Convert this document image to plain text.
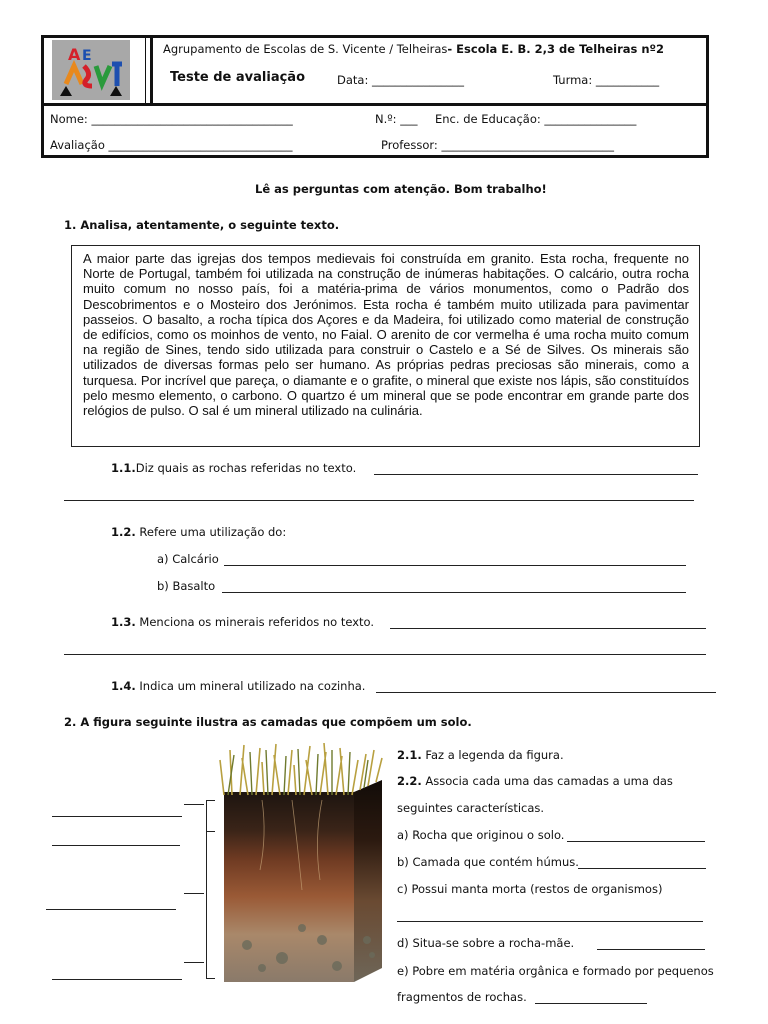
A E	Agrupamento de Escolas de S. Vicente / Telheiras- Escola E. B. 2,3 de Telheiras nº2
Teste de avaliação	Data: ________________	Turma: ___________
Nome: ___________________________________	N.º: ___ Enc. de Educação: ________________
Avaliação ________________________________	Professor: ______________________________
Lê as perguntas com atenção. Bom trabalho!
1. Analisa, atentamente, o seguinte texto.
A maior parte das igrejas dos tempos medievais foi construída em granito. Esta rocha, frequente no Norte de Portugal, também foi utilizada na construção de inúmeras habitações. O calcário, outra rocha muito comum no nosso país, foi a matéria-prima de vários monumentos, como o Padrão dos Descobrimentos e o Mosteiro dos Jerónimos. Esta rocha é também muito utilizada para pavimentar passeios. O basalto, a rocha típica dos Açores e da Madeira, foi utilizado como material de construção de edifícios, como os moinhos de vento, no Faial. O arenito de cor vermelha é uma rocha muito comum na região de Sines, tendo sido utilizada para construir o Castelo e a Sé de Silves. Os minerais são utilizados de diversas formas pelo ser humano. As próprias pedras preciosas são minerais, como a turquesa. Por incrível que pareça, o diamante e o grafite, o mineral que existe nos lápis, são constituídos pelo mesmo elemento, o carbono. O quartzo é um mineral que se pode encontrar em grande parte dos relógios de pulso. O sal é um mineral utilizado na culinária.
1.1.Diz quais as rochas referidas no texto.
1.2. Refere uma utilização do:
a) Calcário
b) Basalto
1.3. Menciona os minerais referidos no texto.
1.4. Indica um mineral utilizado na cozinha.
2. A figura seguinte ilustra as camadas que compõem um solo.
2.1. Faz a legenda da figura.
2.2. Associa cada uma das camadas a uma das
seguintes características.
a) Rocha que originou o solo.
b) Camada que contém húmus.
c) Possui manta morta (restos de organismos)
d) Situa-se sobre a rocha-mãe.
e) Pobre em matéria orgânica e formado por pequenos
fragmentos de rochas.
